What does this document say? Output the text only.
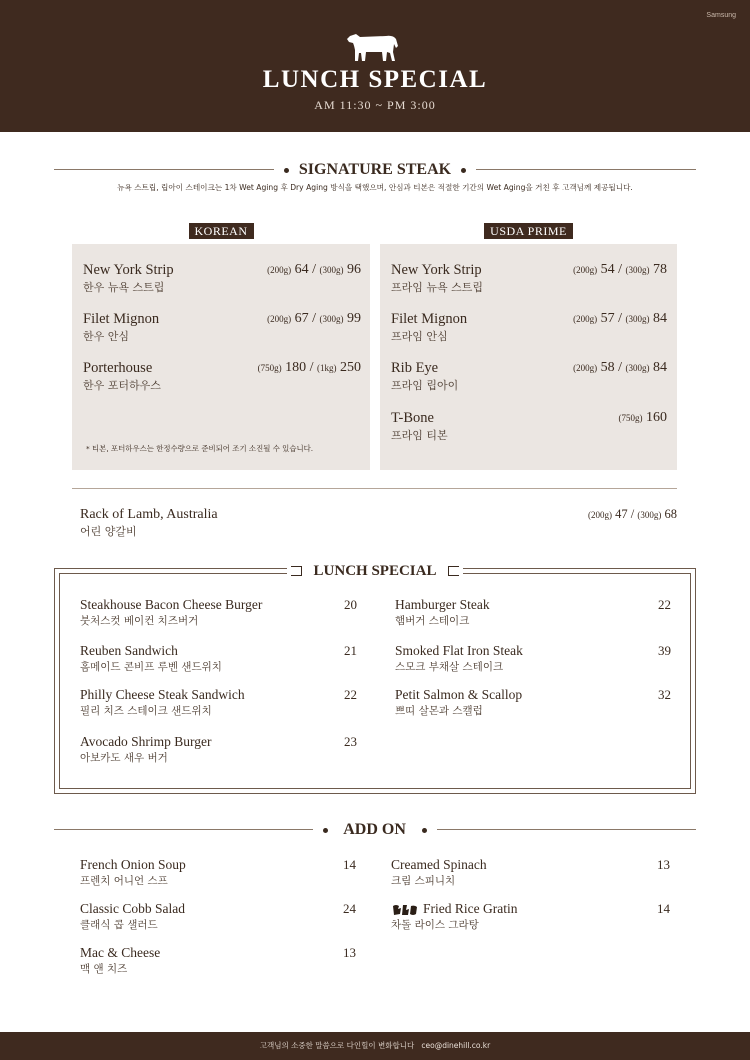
Samsung
LUNCH SPECIAL
AM 11:30 ~ PM 3:00
SIGNATURE STEAK
뉴욕 스트립, 립아이 스테이크는 1차 Wet Aging 후 Dry Aging 방식을 택했으며, 안심과 티본은 적절한 기간의 Wet Aging을 거친 후 고객님께 제공됩니다.
KOREAN
New York Strip
한우 뉴욕 스트립
(200g) 64 / (300g) 96
Filet Mignon
한우 안심
(200g) 67 / (300g) 99
Porterhouse
한우 포터하우스
(750g) 180 / (1kg) 250
* 티본, 포터하우스는 한정수량으로 준비되어 조기 소진될 수 있습니다.
USDA PRIME
New York Strip
프라임 뉴욕 스트립
(200g) 54 / (300g) 78
Filet Mignon
프라임 안심
(200g) 57 / (300g) 84
Rib Eye
프라임 립아이
(200g) 58 / (300g) 84
T-Bone
프라임 티본
(750g) 160
Rack of Lamb, Australia
어린 양갈비
(200g) 47 / (300g) 68
LUNCH SPECIAL
Steakhouse Bacon Cheese Burger
붓처스컷 베이컨 치즈버거
20
Reuben Sandwich
홈메이드 콘비프 루벤 샌드위치
21
Philly Cheese Steak Sandwich
필리 치즈 스테이크 샌드위치
22
Avocado Shrimp Burger
아보카도 새우 버거
23
Hamburger Steak
햄버거 스테이크
22
Smoked Flat Iron Steak
스모크 부채살 스테이크
39
Petit Salmon & Scallop
쁘띠 살몬과 스캘럽
32
ADD ON
French Onion Soup
프렌치 어니언 스프
14
Classic Cobb Salad
클래식 콥 샐러드
24
Mac & Cheese
맥 앤 치즈
13
Creamed Spinach
크림 스피니치
13
Fried Rice Gratin
차돌 라이스 그라탕
14
고객님의 소중한 말씀으로 다인힐이 변화합니다 ceo@dinehill.co.kr
